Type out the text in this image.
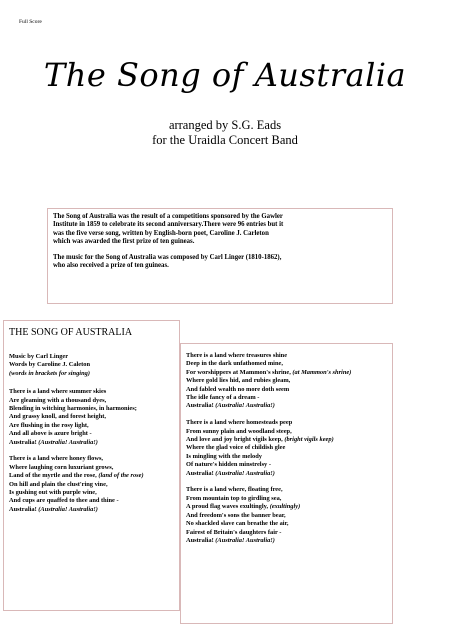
Full Score
The Song of Australia
arranged by S.G. Eads
for the Uraidla Concert Band

The Song of Australia was the result of a competitions sponsored by the Gawler
Institute in 1859 to celebrate its second anniversary.There were 96 entries but it
was the five verse song, written by English-born poet, Caroline J. Carleton
which was awarded the first prize of ten guineas.

The music for the Song of Australia was composed by Carl Linger (1810-1862),
who also received a prize of ten guineas.

THE SONG OF AUSTRALIA
Music by Carl Linger
Words by Caroline J. Caleton
(words in brackets for singing)
There is a land where summer skies
Are gleaming with a thousand dyes,
Blending in witching harmonies, in harmonies;
And grassy knoll, and forest height,
Are flushing in the rosy light,
And all above is azure bright -
Australia! (Australia! Australia!)
There is a land where honey flows,
Where laughing corn luxuriant grows,
Land of the myrtle and the rose, (land of the rose)
On hill and plain the clust'ring vine,
Is gushing out with purple wine,
And cups are quaffed to thee and thine -
Australia! (Australia! Australia!)
There is a land where treasures shine
Deep in the dark unfathomed mine,
For worshippers at Mammon's shrine, (at Mammon's shrine)
Where gold lies hid, and rubies gleam,
And fabled wealth no more doth seem
The idle fancy of a dream -
Australia! (Australia! Australia!)
There is a land where homesteads peep
From sunny plain and woodland steep,
And love and joy bright vigils keep, (bright vigils keep)
Where the glad voice of childish glee
Is mingling with the melody
Of nature's hidden minstrelsy -
Australia! (Australia! Australia!)
There is a land where, floating free,
From mountain top to girdling sea,
A proud flag waves exultingly, (exultingly)
And freedom's sons the banner bear,
No shackled slave can breathe the air,
Fairest of Britain's daughters fair -
Australia! (Australia! Australia!)
